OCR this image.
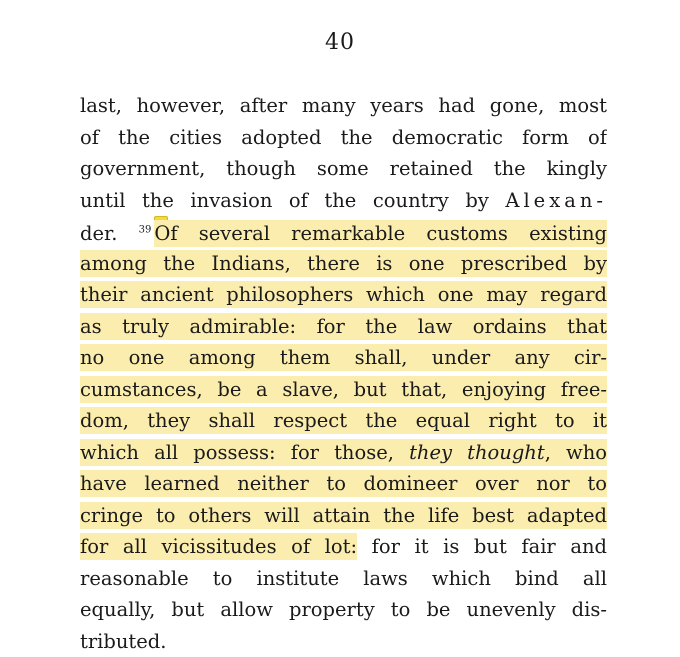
40
last, however, after many years had gone, most
of the cities adopted the democratic form of
government, though some retained the kingly
until the invasion of the country by Alexan-
der. $^{39}$ Of several remarkable customs existing
among the Indians, there is one prescribed by
their ancient philosophers which one may regard
as truly admirable: for the law ordains that
no one among them shall, under any cir-
cumstances, be a slave, but that, enjoying free-
dom, they shall respect the equal right to it
which all possess: for those, they thought, who
have learned neither to domineer over nor to
cringe to others will attain the life best adapted
for all vicissitudes of lot: for it is but fair and
reasonable to institute laws which bind all
equally, but allow property to be unevenly dis-
tributed.
